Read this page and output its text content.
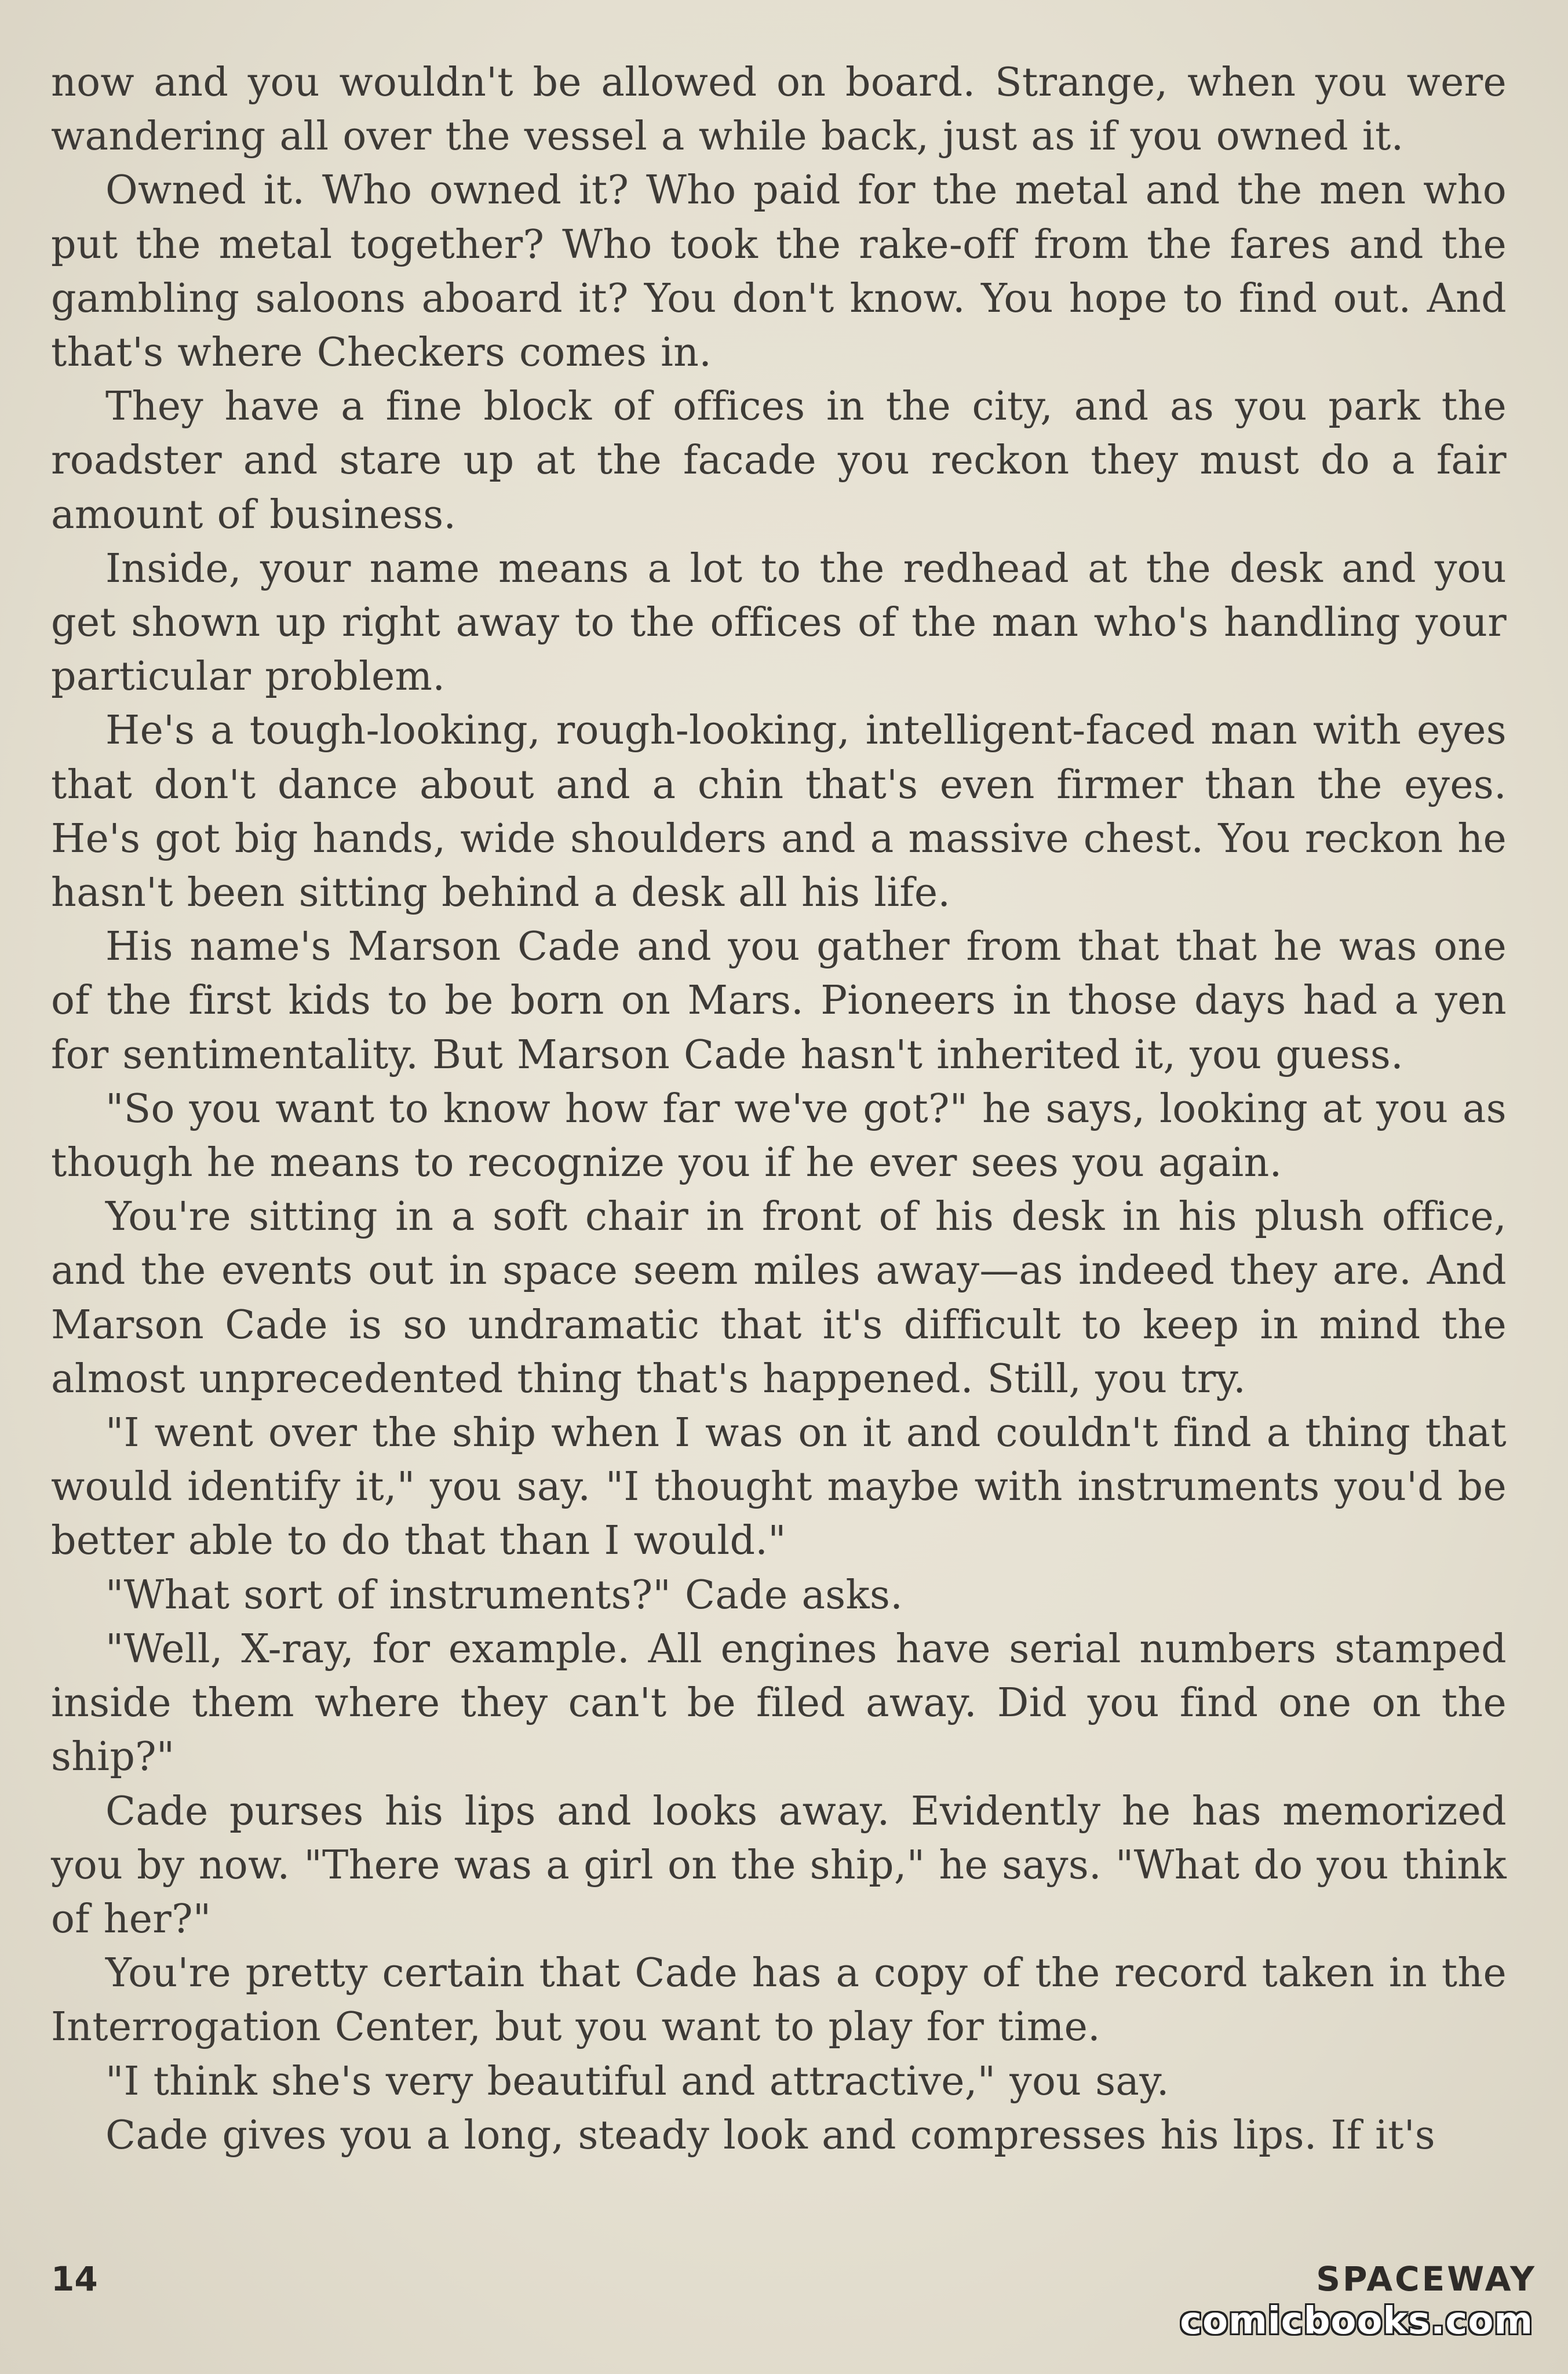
now and you wouldn't be allowed on board. Strange, when you were wandering all over the vessel a while back, just as if you owned it.

Owned it. Who owned it? Who paid for the metal and the men who put the metal together? Who took the rake-off from the fares and the gambling saloons aboard it? You don't know. You hope to find out. And that's where Checkers comes in.

They have a fine block of offices in the city, and as you park the roadster and stare up at the facade you reckon they must do a fair amount of business.

Inside, your name means a lot to the redhead at the desk and you get shown up right away to the offices of the man who's handling your particular problem.

He's a tough-looking, rough-looking, intelligent-faced man with eyes that don't dance about and a chin that's even firmer than the eyes. He's got big hands, wide shoulders and a massive chest. You reckon he hasn't been sitting behind a desk all his life.

His name's Marson Cade and you gather from that that he was one of the first kids to be born on Mars. Pioneers in those days had a yen for sentimentality. But Marson Cade hasn't inherited it, you guess.

"So you want to know how far we've got?" he says, looking at you as though he means to recognize you if he ever sees you again.

You're sitting in a soft chair in front of his desk in his plush office, and the events out in space seem miles away—as indeed they are. And Marson Cade is so undramatic that it's difficult to keep in mind the almost unprecedented thing that's happened. Still, you try.

"I went over the ship when I was on it and couldn't find a thing that would identify it," you say. "I thought maybe with instruments you'd be better able to do that than I would."

"What sort of instruments?" Cade asks.

"Well, X-ray, for example. All engines have serial numbers stamped inside them where they can't be filed away. Did you find one on the ship?"

Cade purses his lips and looks away. Evidently he has memorized you by now. "There was a girl on the ship," he says. "What do you think of her?"

You're pretty certain that Cade has a copy of the record taken in the Interrogation Center, but you want to play for time.

"I think she's very beautiful and attractive," you say.

Cade gives you a long, steady look and compresses his lips. If it's

14	SPACEWAY
comicbooks.com
